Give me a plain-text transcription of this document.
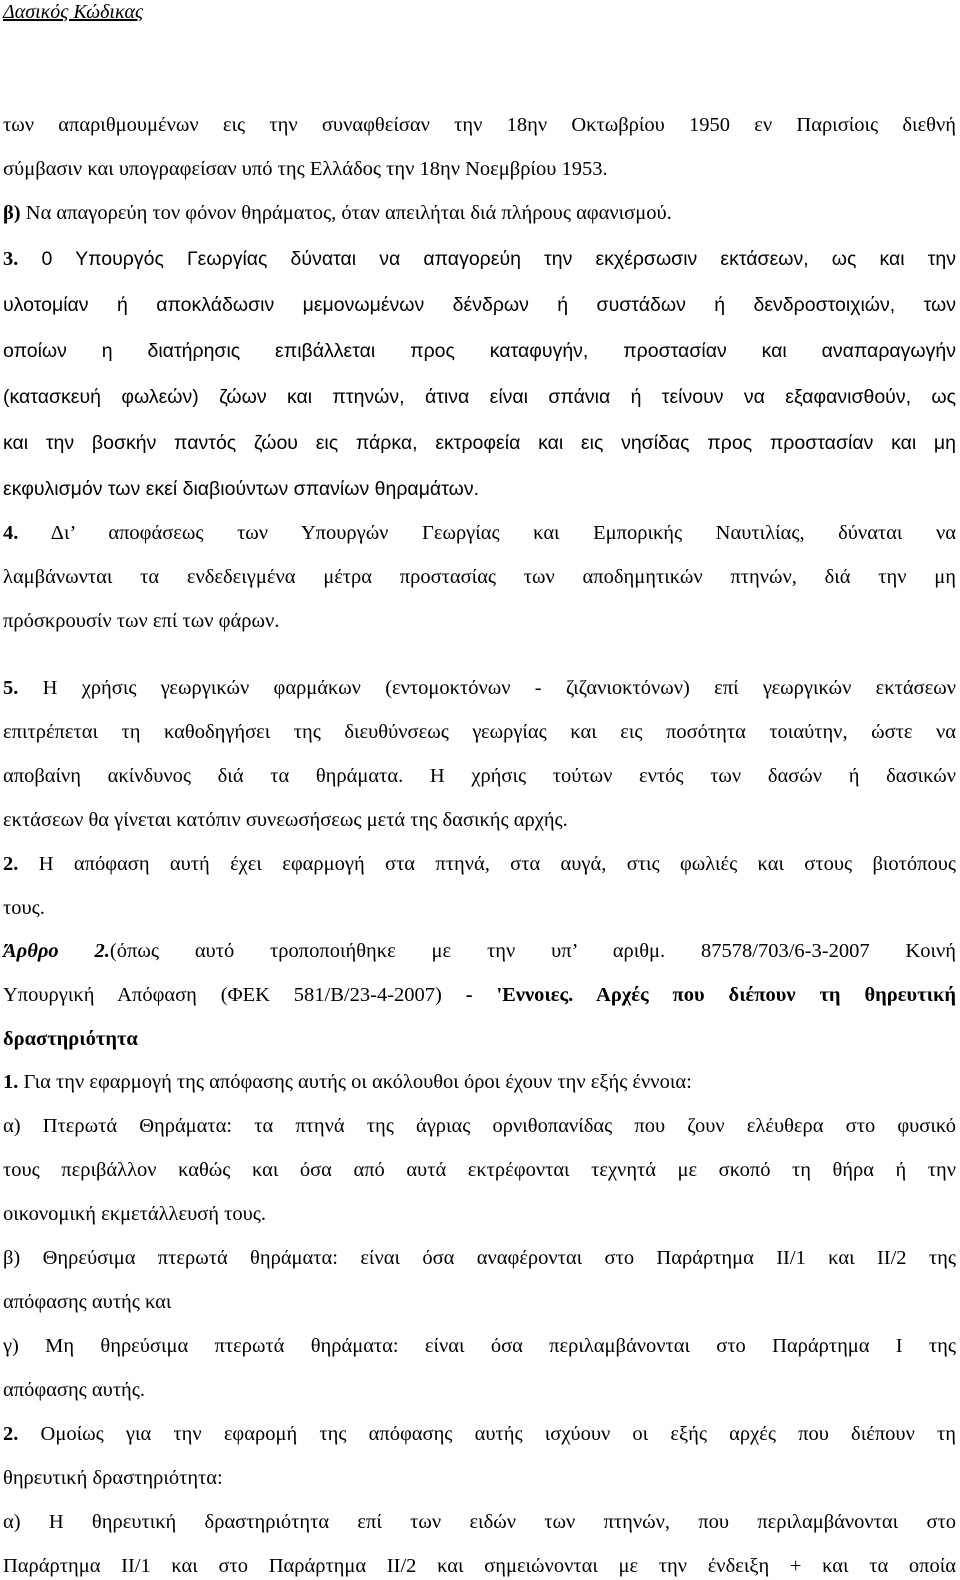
Δασικός Κώδικας
των απαριθμουμένων εις την συναφθείσαν την 18ην Οκτωβρίου 1950 εν Παρισίοις διεθνή
σύμβασιν και υπογραφείσαν υπό της Ελλάδος την 18ην Νοεμβρίου 1953.
β) Να απαγορεύη τον φόνον θηράματος, όταν απειλήται διά πλήρους αφανισμού.
3. 0 Υπουργός Γεωργίας δύναται να απαγορεύη την εκχέρσωσιν εκτάσεων, ως και την
υλοτομίαν ή αποκλάδωσιν μεμονωμένων δένδρων ή συστάδων ή δενδροστοιχιών, των
οποίων η διατήρησις επιβάλλεται προς καταφυγήν, προστασίαν και αναπαραγωγήν
(κατασκευή φωλεών) ζώων και πτηνών, άτινα είναι σπάνια ή τείνουν να εξαφανισθούν, ως
και την βοσκήν παντός ζώου εις πάρκα, εκτροφεία και εις νησίδας προς προστασίαν και μη
εκφυλισμόν των εκεί διαβιούντων σπανίων θηραμάτων.
4. Δι’ αποφάσεως των Υπουργών Γεωργίας και Εμπορικής Ναυτιλίας, δύναται να
λαμβάνωνται τα ενδεδειγμένα μέτρα προστασίας των αποδημητικών πτηνών, διά την μη
πρόσκρουσίν των επί των φάρων.
5. Η χρήσις γεωργικών φαρμάκων (εντομοκτόνων - ζιζανιοκτόνων) επί γεωργικών εκτάσεων
επιτρέπεται τη καθοδηγήσει της διευθύνσεως γεωργίας και εις ποσότητα τοιαύτην, ώστε να
αποβαίνη ακίνδυνος διά τα θηράματα. Η χρήσις τούτων εντός των δασών ή δασικών
εκτάσεων θα γίνεται κατόπιν συνεωσήσεως μετά της δασικής αρχής.
2. Η απόφαση αυτή έχει εφαρμογή στα πτηνά, στα αυγά, στις φωλιές και στους βιοτόπους
τους.
Άρθρο 2.(όπως αυτό τροποποιήθηκε με την υπ’ αριθμ. 87578/703/6-3-2007 Κοινή
Υπουργική Απόφαση (ΦΕΚ 581/Β/23-4-2007) - 'Εννοιες. Αρχές που διέπουν τη θηρευτική
δραστηριότητα
1. Για την εφαρμογή της απόφασης αυτής οι ακόλουθοι όροι έχουν την εξής έννοια:
α) Πτερωτά Θηράματα: τα πτηνά της άγριας ορνιθοπανίδας που ζουν ελέυθερα στο φυσικό
τους περιβάλλον καθώς και όσα από αυτά εκτρέφονται τεχνητά με σκοπό τη θήρα ή την
οικονομική εκμετάλλευσή τους.
β) Θηρεύσιμα πτερωτά θηράματα: είναι όσα αναφέρονται στο Παράρτημα ΙΙ/1 και ΙΙ/2 της
απόφασης αυτής και
γ) Μη θηρεύσιμα πτερωτά θηράματα: είναι όσα περιλαμβάνονται στο Παράρτημα Ι της
απόφασης αυτής.
2. Ομοίως για την εφαρομή της απόφασης αυτής ισχύουν οι εξής αρχές που διέπουν τη
θηρευτική δραστηριότητα:
α) Η θηρευτική δραστηριότητα επί των ειδών των πτηνών, που περιλαμβάνονται στο
Παράρτημα ΙΙ/1 και στο Παράρτημα ΙΙ/2 και σημειώνονται με την ένδειξη + και τα οποία
